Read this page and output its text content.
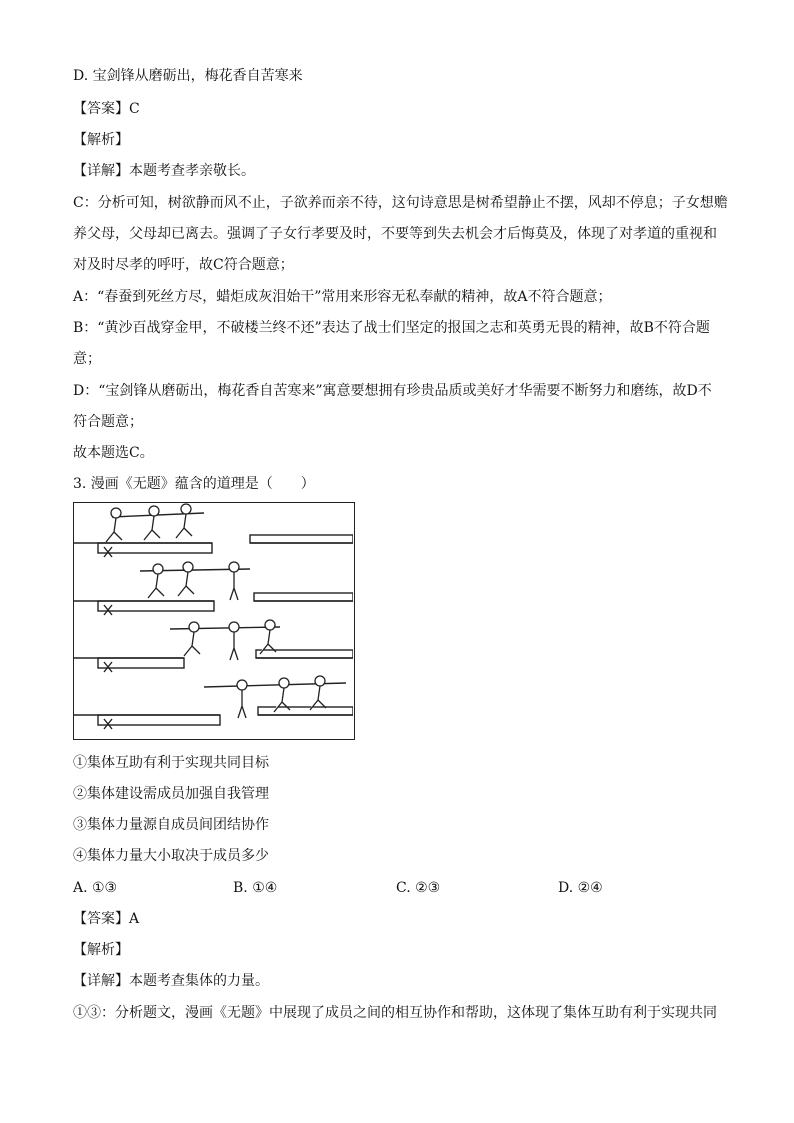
D. 宝剑锋从磨砺出，梅花香自苦寒来
【答案】C
【解析】
【详解】本题考查孝亲敬长。
C：分析可知，树欲静而风不止，子欲养而亲不待，这句诗意思是树希望静止不摆，风却不停息；子女想赡
养父母，父母却已离去。强调了子女行孝要及时，不要等到失去机会才后悔莫及，体现了对孝道的重视和
对及时尽孝的呼吁，故C符合题意；
A：“春蚕到死丝方尽，蜡炬成灰泪始干”常用来形容无私奉献的精神，故A不符合题意；
B：“黄沙百战穿金甲，不破楼兰终不还”表达了战士们坚定的报国之志和英勇无畏的精神，故B不符合题
意；
D：“宝剑锋从磨砺出，梅花香自苦寒来”寓意要想拥有珍贵品质或美好才华需要不断努力和磨练，故D不
符合题意；
故本题选C。
3. 漫画《无题》蕴含的道理是（　　）
①集体互助有利于实现共同目标
②集体建设需成员加强自我管理
③集体力量源自成员间团结协作
④集体力量大小取决于成员多少
A. ①③	B. ①④	C. ②③	D. ②④
【答案】A
【解析】
【详解】本题考查集体的力量。
①③：分析题文，漫画《无题》中展现了成员之间的相互协作和帮助，这体现了集体互助有利于实现共同
